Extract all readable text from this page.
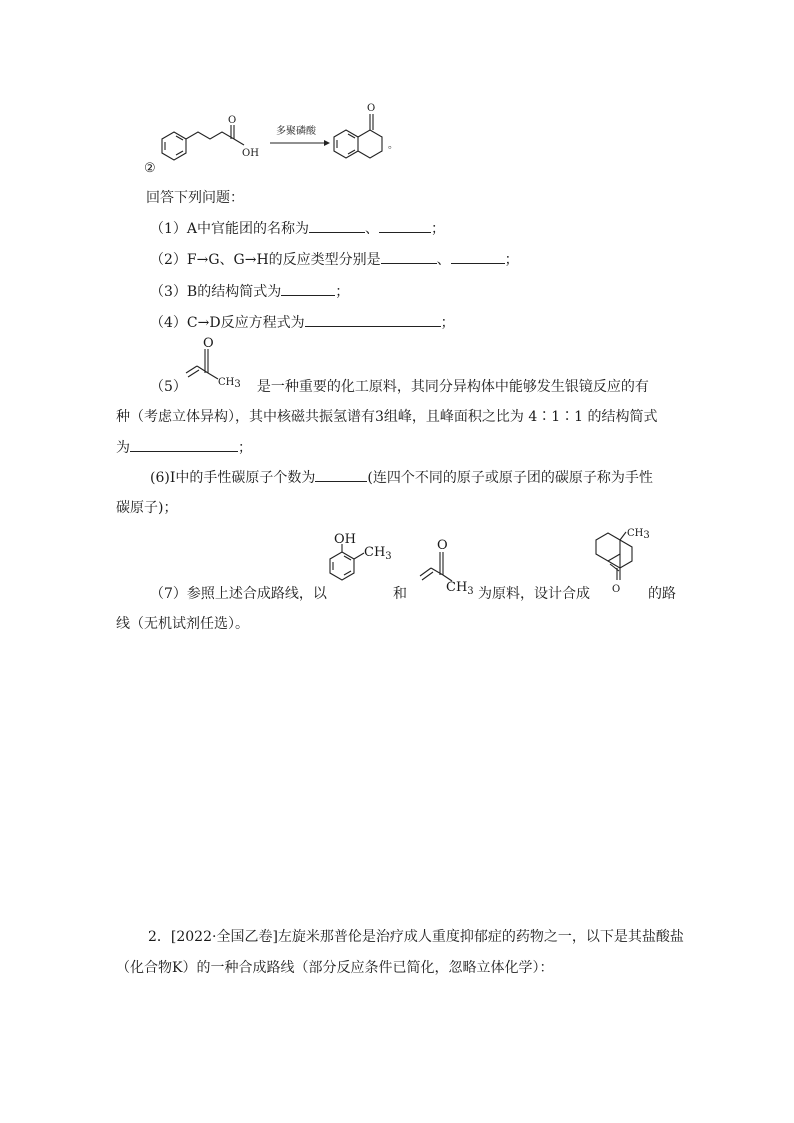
O
OH
②
多聚磷酸
O
。
回答下列问题：
（1）A中官能团的名称为	、	；
（2）F→G、G→H的反应类型分别是	、	；
（3）B的结构简式为	；
（4）C→D反应方程式为	；
O
CH3
（5）	是一种重要的化工原料，其同分异构体中能够发生银镜反应的有
种（考虑立体异构），其中核磁共振氢谱有3组峰，且峰面积之比为 4∶1∶1 的结构简式
为	；
(6)I中的手性碳原子个数为	(连四个不同的原子或原子团的碳原子称为手性
碳原子)；
OH
$CH_3$
O
$CH_3$
CH3
O
（7）参照上述合成路线，以	和	为原料，设计合成	的路
线（无机试剂任选）。
2．[2022·全国乙卷]左旋米那普伦是治疗成人重度抑郁症的药物之一，以下是其盐酸盐
（化合物K）的一种合成路线（部分反应条件已简化，忽略立体化学）：
